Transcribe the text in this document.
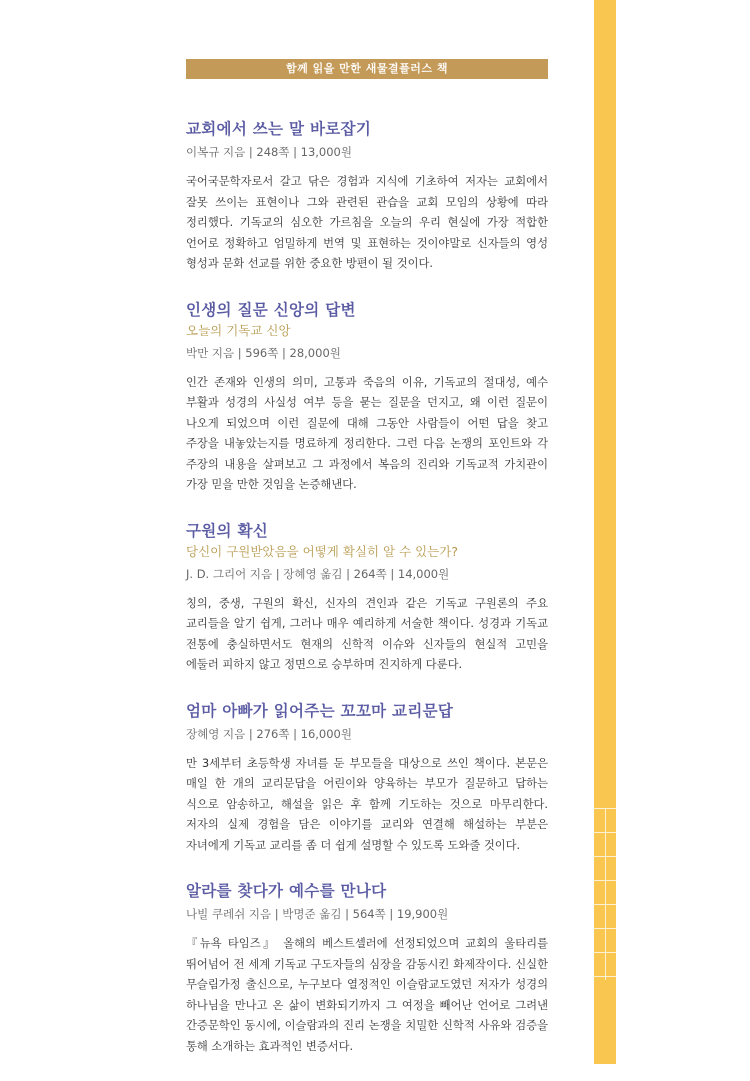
함께 읽을 만한 새물결플러스 책
교회에서 쓰는 말 바로잡기

이복규 지음 | 248쪽 | 13,000원

국어국문학자로서 갈고 닦은 경험과 지식에 기초하여 저자는 교회에서 잘못 쓰이는 표현이나 그와 관련된 관습을 교회 모임의 상황에 따라 정리했다. 기독교의 심오한 가르침을 오늘의 우리 현실에 가장 적합한 언어로 정확하고 엄밀하게 번역 및 표현하는 것이야말로 신자들의 영성 형성과 문화 선교를 위한 중요한 방편이 될 것이다.

인생의 질문 신앙의 답변

오늘의 기독교 신앙

박만 지음 | 596쪽 | 28,000원

인간 존재와 인생의 의미, 고통과 죽음의 이유, 기독교의 절대성, 예수 부활과 성경의 사실성 여부 등을 묻는 질문을 던지고, 왜 이런 질문이 나오게 되었으며 이런 질문에 대해 그동안 사람들이 어떤 답을 찾고 주장을 내놓았는지를 명료하게 정리한다. 그런 다음 논쟁의 포인트와 각 주장의 내용을 살펴보고 그 과정에서 복음의 진리와 기독교적 가치관이 가장 믿을 만한 것임을 논증해낸다.

구원의 확신

당신이 구원받았음을 어떻게 확실히 알 수 있는가?

J. D. 그리어 지음 | 장혜영 옮김 | 264쪽 | 14,000원

칭의, 중생, 구원의 확신, 신자의 견인과 같은 기독교 구원론의 주요 교리들을 알기 쉽게, 그러나 매우 예리하게 서술한 책이다. 성경과 기독교 전통에 충실하면서도 현재의 신학적 이슈와 신자들의 현실적 고민을 에둘러 피하지 않고 정면으로 승부하며 진지하게 다룬다.

엄마 아빠가 읽어주는 꼬꼬마 교리문답

장혜영 지음 | 276쪽 | 16,000원

만 3세부터 초등학생 자녀를 둔 부모들을 대상으로 쓰인 책이다. 본문은 매일 한 개의 교리문답을 어린이와 양육하는 부모가 질문하고 답하는 식으로 암송하고, 해설을 읽은 후 함께 기도하는 것으로 마무리한다. 저자의 실제 경험을 담은 이야기를 교리와 연결해 해설하는 부분은 자녀에게 기독교 교리를 좀 더 쉽게 설명할 수 있도록 도와줄 것이다.

알라를 찾다가 예수를 만나다

나빌 쿠레쉬 지음 | 박명준 옮김 | 564쪽 | 19,900원

『뉴욕 타임즈』 올해의 베스트셀러에 선정되었으며 교회의 울타리를 뛰어넘어 전 세계 기독교 구도자들의 심장을 감동시킨 화제작이다. 신실한 무슬림가정 출신으로, 누구보다 열정적인 이슬람교도였던 저자가 성경의 하나님을 만나고 온 삶이 변화되기까지 그 여정을 빼어난 언어로 그려낸 간증문학인 동시에, 이슬람과의 진리 논쟁을 치밀한 신학적 사유와 검증을 통해 소개하는 효과적인 변증서다.
